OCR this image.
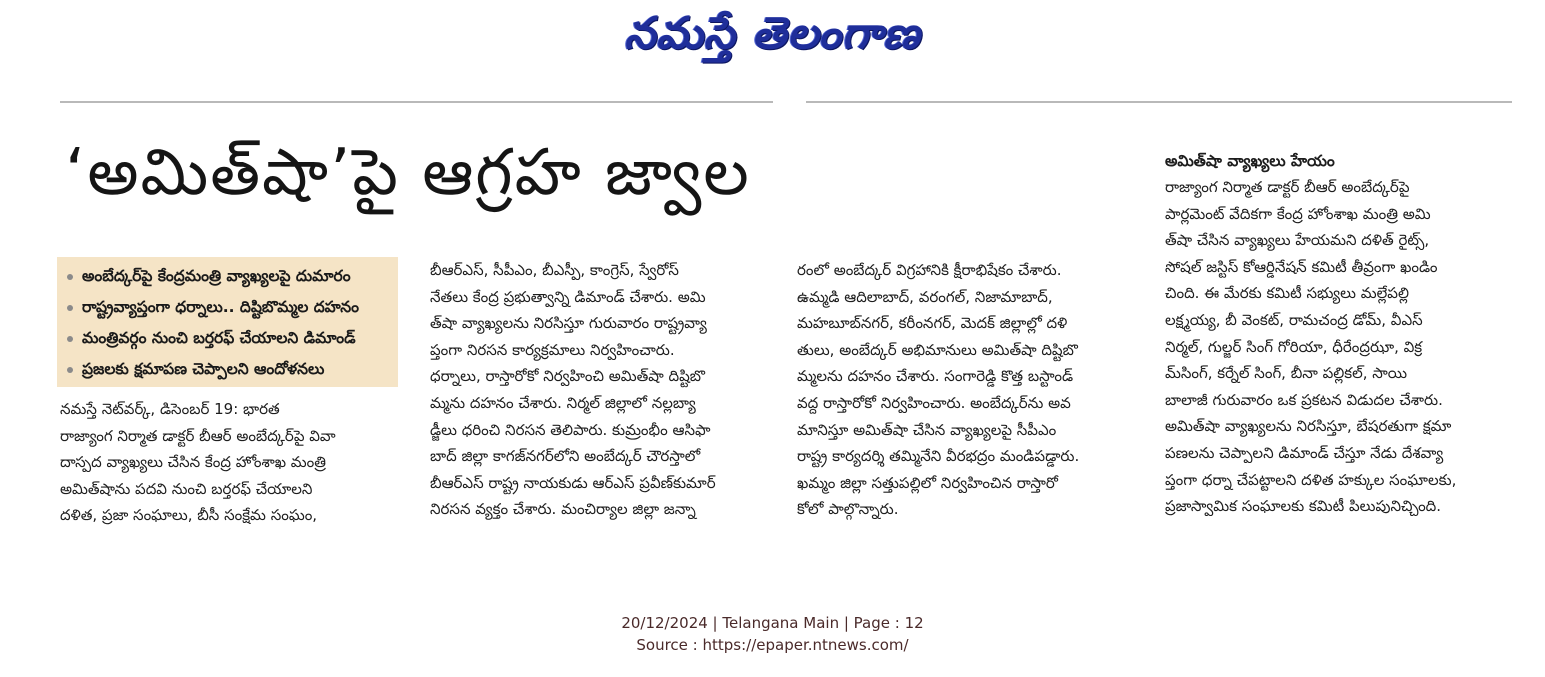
నమస్తే తెలంగాణ
‘అమిత్‌షా’పై ఆగ్రహ జ్వాల
అంబేద్కర్‌పై కేంద్రమంత్రి వ్యాఖ్యలపై దుమారం
రాష్ట్రవ్యాప్తంగా ధర్నాలు.. దిష్టిబొమ్మల దహనం
మంత్రివర్గం నుంచి బర్తరఫ్ చేయాలని డిమాండ్
ప్రజలకు క్షమాపణ చెప్పాలని ఆందోళనలు
నమస్తే నెట్‌వర్క్, డిసెంబర్ 19: భారత
రాజ్యాంగ నిర్మాత డాక్టర్ బీఆర్ అంబేద్కర్‌పై వివా
దాస్పద వ్యాఖ్యలు చేసిన కేంద్ర హోంశాఖ మంత్రి
అమిత్‌షాను పదవి నుంచి బర్తరఫ్ చేయాలని
దళిత, ప్రజా సంఘాలు, బీసీ సంక్షేమ సంఘం,
బీఆర్‌ఎస్, సీపీఎం, బీఎస్పీ, కాంగ్రెస్, స్వేరోస్
నేతలు కేంద్ర ప్రభుత్వాన్ని డిమాండ్ చేశారు. అమి
త్‌షా వ్యాఖ్యలను నిరసిస్తూ గురువారం రాష్ట్రవ్యా
ప్తంగా నిరసన కార్యక్రమాలు నిర్వహించారు.
ధర్నాలు, రాస్తారోకో నిర్వహించి అమిత్‌షా దిష్టిబొ
మ్మను దహనం చేశారు. నిర్మల్ జిల్లాలో నల్లబ్యా
డ్జీలు ధరించి నిరసన తెలిపారు. కుమ్రంభీం ఆసిఫా
బాద్ జిల్లా కాగజ్‌నగర్‌లోని అంబేద్కర్ చౌరస్తాలో
బీఆర్‌ఎస్ రాష్ట్ర నాయకుడు ఆర్‌ఎస్ ప్రవీణ్‌కుమార్
నిరసన వ్యక్తం చేశారు. మంచిర్యాల జిల్లా జన్నా
రంలో అంబేద్కర్ విగ్రహానికి క్షీరాభిషేకం చేశారు.
ఉమ్మడి ఆదిలాబాద్, వరంగల్, నిజామాబాద్,
మహబూబ్‌నగర్, కరీంనగర్, మెదక్ జిల్లాల్లో దళి
తులు, అంబేద్కర్ అభిమానులు అమిత్‌షా దిష్టిబొ
మ్మలను దహనం చేశారు. సంగారెడ్డి కొత్త బస్టాండ్
వద్ద రాస్తారోకో నిర్వహించారు. అంబేద్కర్‌ను అవ
మానిస్తూ అమిత్‌షా చేసిన వ్యాఖ్యలపై సీపీఎం
రాష్ట్ర కార్యదర్శి తమ్మినేని వీరభద్రం మండిపడ్డారు.
ఖమ్మం జిల్లా సత్తుపల్లిలో నిర్వహించిన రాస్తారో
కోలో పాల్గొన్నారు.
అమిత్‌షా వ్యాఖ్యలు హేయం
రాజ్యాంగ నిర్మాత డాక్టర్ బీఆర్ అంబేద్కర్‌పై
పార్లమెంట్ వేదికగా కేంద్ర హోంశాఖ మంత్రి అమి
త్‌షా చేసిన వ్యాఖ్యలు హేయమని దళిత్ రైట్స్,
సోషల్ జస్టిస్ కోఆర్డినేషన్ కమిటీ తీవ్రంగా ఖండిం
చింది. ఈ మేరకు కమిటీ సభ్యులు మల్లేపల్లి
లక్ష్మయ్య, బీ వెంకట్, రామచంద్ర డోమ్, వీఎస్
నిర్మల్, గుల్జర్ సింగ్ గోరియా, ధీరేంద్రఝా, విక్ర
మ్‌సింగ్, కర్నేల్ సింగ్, బీనా పల్లికల్, సాయి
బాలాజీ గురువారం ఒక ప్రకటన విడుదల చేశారు.
అమిత్‌షా వ్యాఖ్యలను నిరసిస్తూ, బేషరతుగా క్షమా
పణలను చెప్పాలని డిమాండ్ చేస్తూ నేడు దేశవ్యా
ప్తంగా ధర్నా చేపట్టాలని దళిత హక్కుల సంఘాలకు,
ప్రజాస్వామిక సంఘాలకు కమిటీ పిలుపునిచ్చింది.
20/12/2024 | Telangana Main | Page : 12
Source : https://epaper.ntnews.com/
